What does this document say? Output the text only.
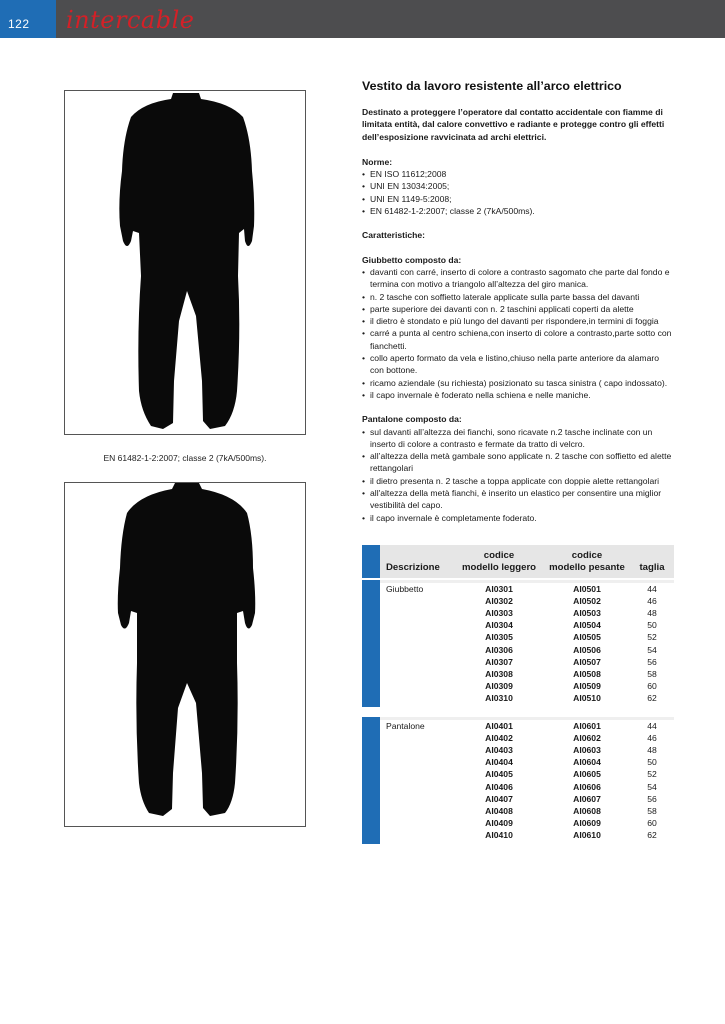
122 intercable
EN 61482-1-2:2007; classe 2 (7kA/500ms).
Vestito da lavoro resistente all’arco elettrico
Destinato a proteggere l’operatore dal contatto accidentale con fiamme di limitata entità, dal calore convettivo e radiante e protegge contro gli effetti dell’esposizione ravvicinata ad archi elettrici.
Norme:
• EN ISO 11612;2008
• UNI EN 13034:2005;
• UNI EN 1149-5:2008;
• EN 61482-1-2:2007; classe 2 (7kA/500ms).
Caratteristiche:
Giubbetto composto da:
• davanti con carré, inserto di colore a contrasto sagomato che parte dal fondo e termina con motivo a triangolo all’altezza del giro manica.
• n. 2 tasche con soffietto laterale applicate sulla parte bassa del davanti
• parte superiore dei davanti con n. 2 taschini applicati coperti da alette
• il dietro è stondato e più lungo del davanti per rispondere,in termini di foggia
• carré a punta al centro schiena,con inserto di colore a contrasto,parte sotto con fianchetti.
• collo aperto formato da vela e listino,chiuso nella parte anteriore da alamaro con bottone.
• ricamo aziendale (su richiesta) posizionato su tasca sinistra ( capo indossato).
• il capo invernale è foderato nella schiena e nelle maniche.
Pantalone composto da:
• sul davanti all’altezza dei fianchi, sono ricavate n.2 tasche inclinate con un inserto di colore a contrasto e fermate da tratto di velcro.
• all’altezza della metà gambale sono applicate n. 2 tasche con soffietto ed alette rettangolari
• il dietro presenta n. 2 tasche a toppa applicate con doppie alette rettangolari
• all'altezza della metà fianchi, è inserito un elastico per consentire una miglior vestibilità del capo.
• il capo invernale è completamente foderato.
Descrizione
codice
modello leggero
codice
modello pesante	taglia
Giubbetto	AI0301	AI0501	44
AI0302	AI0502	46
AI0303	AI0503	48
AI0304	AI0504	50
AI0305	AI0505	52
AI0306	AI0506	54
AI0307	AI0507	56
AI0308	AI0508	58
AI0309	AI0509	60
AI0310	AI0510	62
Pantalone	AI0401	AI0601	44
AI0402	AI0602	46
AI0403	AI0603	48
AI0404	AI0604	50
AI0405	AI0605	52
AI0406	AI0606	54
AI0407	AI0607	56
AI0408	AI0608	58
AI0409	AI0609	60
AI0410	AI0610	62
